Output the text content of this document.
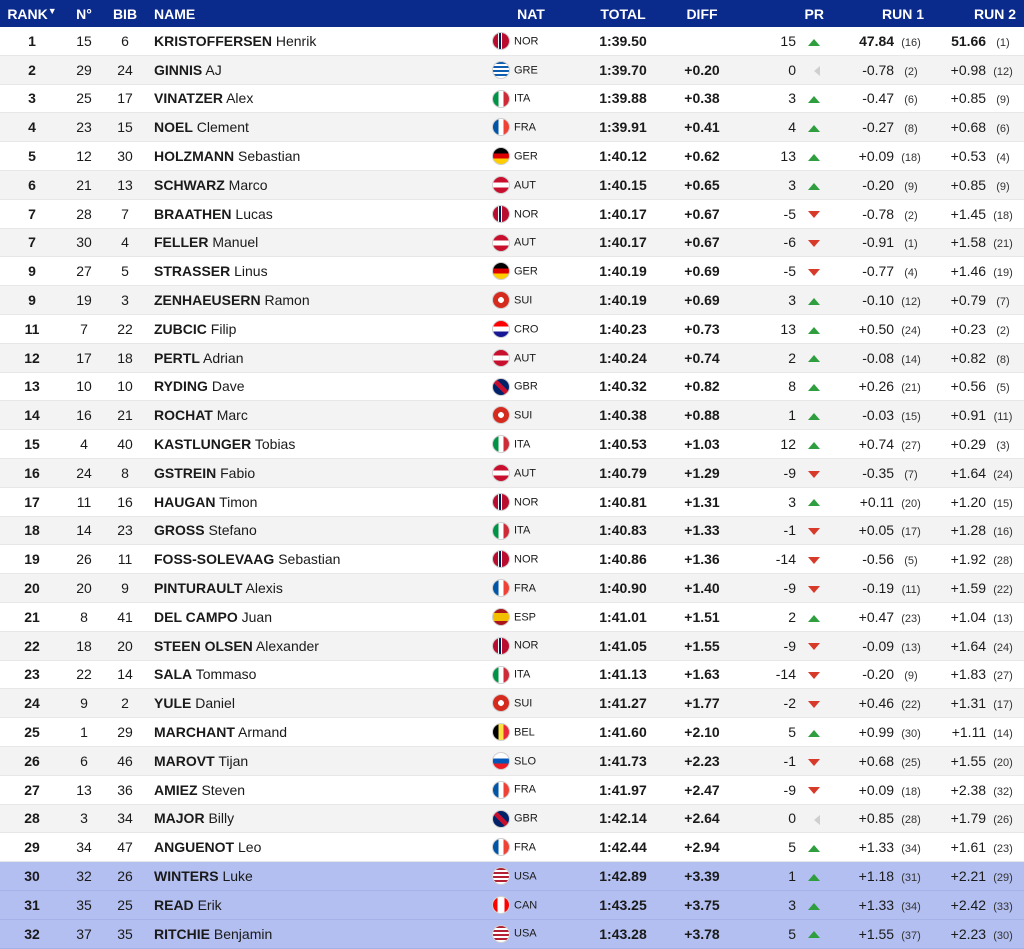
RANK▼	N°	BIB	NAME	NAT	TOTAL	DIFF	PR	RUN 1	RUN 2
1	15	6	KRISTOFFERSEN Henrik	NOR	1:39.50		15	47.84 (16)	51.66 (1)
2	29	24	GINNIS AJ	GRE	1:39.70	+0.20	0	-0.78 (2)	+0.98 (12)
3	25	17	VINATZER Alex	ITA	1:39.88	+0.38	3	-0.47 (6)	+0.85 (9)
4	23	15	NOEL Clement	FRA	1:39.91	+0.41	4	-0.27 (8)	+0.68 (6)
5	12	30	HOLZMANN Sebastian	GER	1:40.12	+0.62	13	+0.09 (18)	+0.53 (4)
6	21	13	SCHWARZ Marco	AUT	1:40.15	+0.65	3	-0.20 (9)	+0.85 (9)
7	28	7	BRAATHEN Lucas	NOR	1:40.17	+0.67	-5	-0.78 (2)	+1.45 (18)
7	30	4	FELLER Manuel	AUT	1:40.17	+0.67	-6	-0.91 (1)	+1.58 (21)
9	27	5	STRASSER Linus	GER	1:40.19	+0.69	-5	-0.77 (4)	+1.46 (19)
9	19	3	ZENHAEUSERN Ramon	SUI	1:40.19	+0.69	3	-0.10 (12)	+0.79 (7)
11	7	22	ZUBCIC Filip	CRO	1:40.23	+0.73	13	+0.50 (24)	+0.23 (2)
12	17	18	PERTL Adrian	AUT	1:40.24	+0.74	2	-0.08 (14)	+0.82 (8)
13	10	10	RYDING Dave	GBR	1:40.32	+0.82	8	+0.26 (21)	+0.56 (5)
14	16	21	ROCHAT Marc	SUI	1:40.38	+0.88	1	-0.03 (15)	+0.91 (11)
15	4	40	KASTLUNGER Tobias	ITA	1:40.53	+1.03	12	+0.74 (27)	+0.29 (3)
16	24	8	GSTREIN Fabio	AUT	1:40.79	+1.29	-9	-0.35 (7)	+1.64 (24)
17	11	16	HAUGAN Timon	NOR	1:40.81	+1.31	3	+0.11 (20)	+1.20 (15)
18	14	23	GROSS Stefano	ITA	1:40.83	+1.33	-1	+0.05 (17)	+1.28 (16)
19	26	11	FOSS-SOLEVAAG Sebastian	NOR	1:40.86	+1.36	-14	-0.56 (5)	+1.92 (28)
20	20	9	PINTURAULT Alexis	FRA	1:40.90	+1.40	-9	-0.19 (11)	+1.59 (22)
21	8	41	DEL CAMPO Juan	ESP	1:41.01	+1.51	2	+0.47 (23)	+1.04 (13)
22	18	20	STEEN OLSEN Alexander	NOR	1:41.05	+1.55	-9	-0.09 (13)	+1.64 (24)
23	22	14	SALA Tommaso	ITA	1:41.13	+1.63	-14	-0.20 (9)	+1.83 (27)
24	9	2	YULE Daniel	SUI	1:41.27	+1.77	-2	+0.46 (22)	+1.31 (17)
25	1	29	MARCHANT Armand	BEL	1:41.60	+2.10	5	+0.99 (30)	+1.11 (14)
26	6	46	MAROVT Tijan	SLO	1:41.73	+2.23	-1	+0.68 (25)	+1.55 (20)
27	13	36	AMIEZ Steven	FRA	1:41.97	+2.47	-9	+0.09 (18)	+2.38 (32)
28	3	34	MAJOR Billy	GBR	1:42.14	+2.64	0	+0.85 (28)	+1.79 (26)
29	34	47	ANGUENOT Leo	FRA	1:42.44	+2.94	5	+1.33 (34)	+1.61 (23)
30	32	26	WINTERS Luke	USA	1:42.89	+3.39	1	+1.18 (31)	+2.21 (29)
31	35	25	READ Erik	CAN	1:43.25	+3.75	3	+1.33 (34)	+2.42 (33)
32	37	35	RITCHIE Benjamin	USA	1:43.28	+3.78	5	+1.55 (37)	+2.23 (30)
